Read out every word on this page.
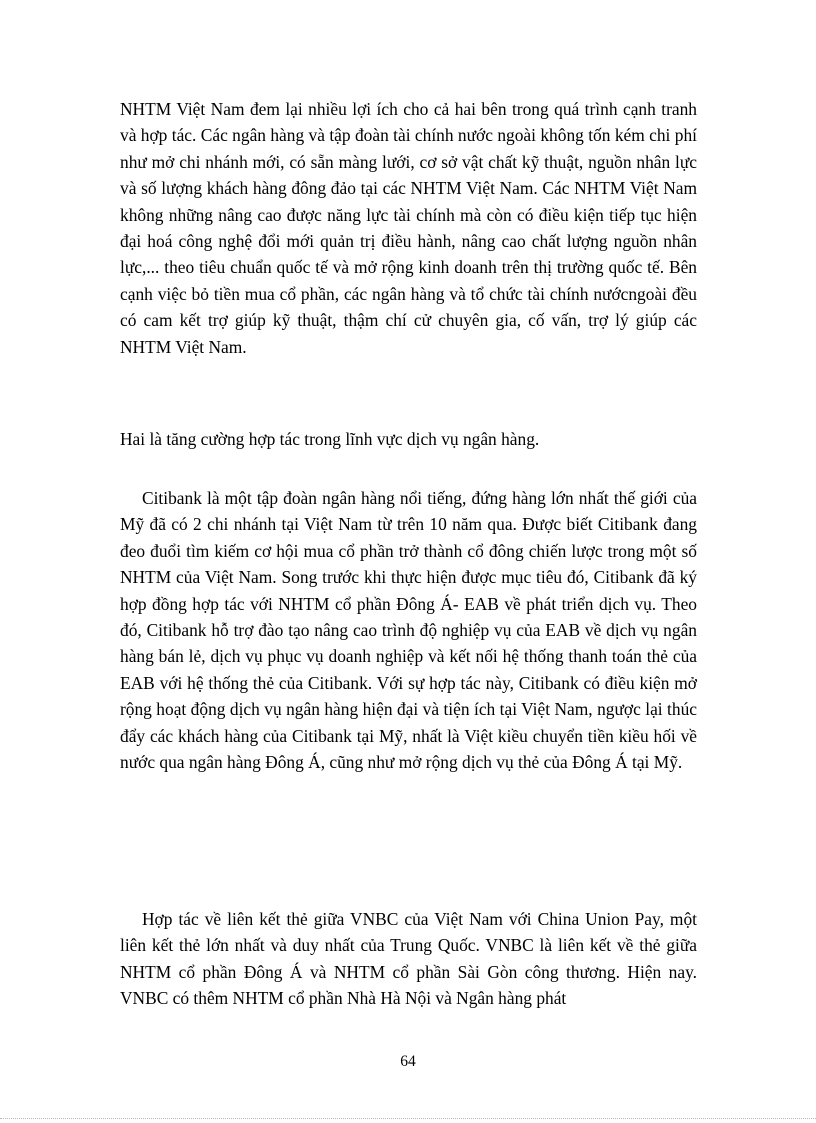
NHTM Việt Nam đem lại nhiều lợi ích cho cả hai bên trong quá trình cạnh tranh và hợp tác. Các ngân hàng và tập đoàn tài chính nước ngoài không tốn kém chi phí như mở chi nhánh mới, có sẵn màng lưới, cơ sở vật chất kỹ thuật, nguồn nhân lực và số lượng khách hàng đông đảo tại các NHTM Việt Nam. Các NHTM Việt Nam không những nâng cao được năng lực tài chính mà còn có điều kiện tiếp tục hiện đại hoá công nghệ đổi mới quản trị điều hành, nâng cao chất lượng nguồn nhân lực,... theo tiêu chuẩn quốc tế và mở rộng kinh doanh trên thị trường quốc tế. Bên cạnh việc bỏ tiền mua cổ phần, các ngân hàng và tổ chức tài chính nướcngoài đều có cam kết trợ giúp kỹ thuật, thậm chí cử chuyên gia, cố vấn, trợ lý giúp các NHTM Việt Nam.

Hai là tăng cường hợp tác trong lĩnh vực dịch vụ ngân hàng.

Citibank là một tập đoàn ngân hàng nổi tiếng, đứng hàng lớn nhất thế giới của Mỹ đã có 2 chi nhánh tại Việt Nam từ trên 10 năm qua. Được biết Citibank đang đeo đuổi tìm kiếm cơ hội mua cổ phần trở thành cổ đông chiến lược trong một số NHTM của Việt Nam. Song trước khi thực hiện được mục tiêu đó, Citibank đã ký hợp đồng hợp tác với NHTM cổ phần Đông Á- EAB về phát triển dịch vụ. Theo đó, Citibank hỗ trợ đào tạo nâng cao trình độ nghiệp vụ của EAB về dịch vụ ngân hàng bán lẻ, dịch vụ phục vụ doanh nghiệp và kết nối hệ thống thanh toán thẻ của EAB với hệ thống thẻ của Citibank. Với sự hợp tác này, Citibank có điều kiện mở rộng hoạt động dịch vụ ngân hàng hiện đại và tiện ích tại Việt Nam, ngược lại thúc đẩy các khách hàng của Citibank tại Mỹ, nhất là Việt kiều chuyển tiền kiều hối về nước qua ngân hàng Đông Á, cũng như mở rộng dịch vụ thẻ của Đông Á tại Mỹ.

Hợp tác về liên kết thẻ giữa VNBC của Việt Nam với China Union Pay, một liên kết thẻ lớn nhất và duy nhất của Trung Quốc. VNBC là liên kết về thẻ giữa NHTM cổ phần Đông Á và NHTM cổ phần Sài Gòn công thương. Hiện nay. VNBC có thêm NHTM cổ phần Nhà Hà Nội và Ngân hàng phát

64
